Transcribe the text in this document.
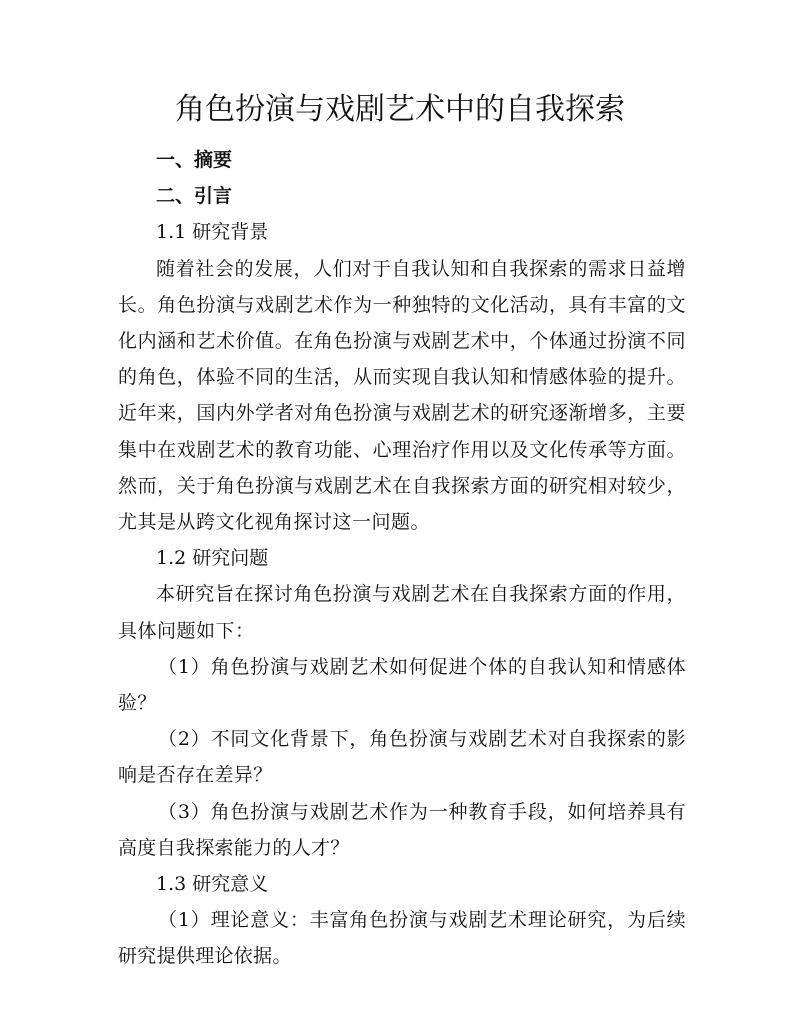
角色扮演与戏剧艺术中的自我探索

一、摘要

二、引言

1.1 研究背景

随着社会的发展，人们对于自我认知和自我探索的需求日益增长。角色扮演与戏剧艺术作为一种独特的文化活动，具有丰富的文化内涵和艺术价值。在角色扮演与戏剧艺术中，个体通过扮演不同的角色，体验不同的生活，从而实现自我认知和情感体验的提升。近年来，国内外学者对角色扮演与戏剧艺术的研究逐渐增多，主要集中在戏剧艺术的教育功能、心理治疗作用以及文化传承等方面。然而，关于角色扮演与戏剧艺术在自我探索方面的研究相对较少，尤其是从跨文化视角探讨这一问题。

1.2 研究问题

本研究旨在探讨角色扮演与戏剧艺术在自我探索方面的作用，具体问题如下：

（1）角色扮演与戏剧艺术如何促进个体的自我认知和情感体验？

（2）不同文化背景下，角色扮演与戏剧艺术对自我探索的影响是否存在差异？

（3）角色扮演与戏剧艺术作为一种教育手段，如何培养具有高度自我探索能力的人才？

1.3 研究意义

（1）理论意义：丰富角色扮演与戏剧艺术理论研究，为后续研究提供理论依据。
